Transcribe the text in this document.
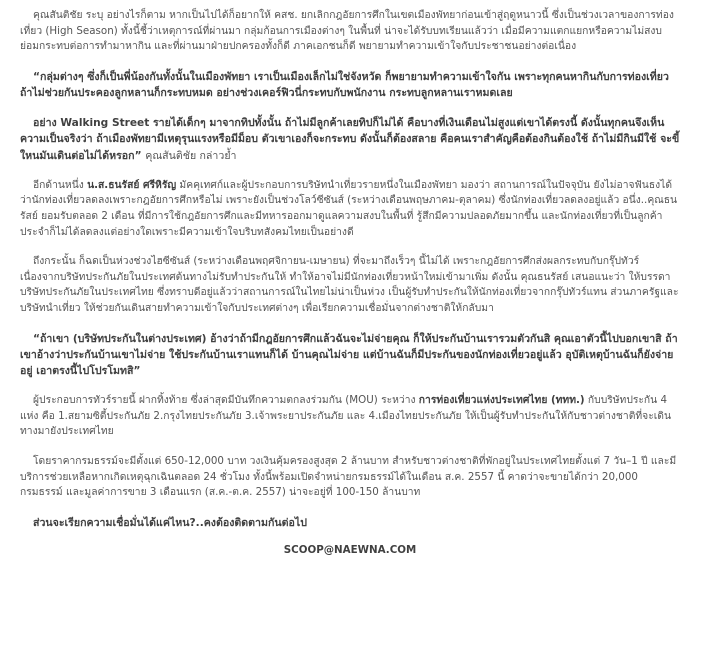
คุณสันติชัย ระบุ อย่างไรก็ตาม หากเป็นไปได้ก็อยากให้ คสช. ยกเลิกกฎอัยการศึกในเขตเมืองพัทยาก่อนเข้าสู่ฤดูหนาวนี้ ซึ่งเป็นช่วงเวลาของการท่องเที่ยว (High Season) ทั้งนี้ชี้ว่าเหตุการณ์ที่ผ่านมา กลุ่มก้อนการเมืองต่างๆ ในพื้นที่ น่าจะได้รับบทเรียนแล้วว่า เมื่อมีความแตกแยกหรือความไม่สงบย่อมกระทบต่อการทำมาหากิน และที่ผ่านมาฝ่ายปกครองทั้งก็ดี ภาคเอกชนก็ดี พยายามทำความเข้าใจกับประชาชนอย่างต่อเนื่อง

“กลุ่มต่างๆ ซึ่งก็เป็นพี่น้องกันทั้งนั้นในเมืองพัทยา เราเป็นเมืองเล็กไม่ใช่จังหวัด ก็พยายามทำความเข้าใจกัน เพราะทุกคนหากินกับการท่องเที่ยว ถ้าไม่ช่วยกันประคองลูกหลานก็กระทบหมด อย่างช่วงเคอร์ฟิวนี่กระทบกับพนักงาน กระทบลูกหลานเราหมดเลย

อย่าง Walking Street รายได้เด็กๆ มาจากทิปทั้งนั้น ถ้าไม่มีลูกค้าเลยทิปก็ไม่ได้ คือบางที่เงินเดือนไม่สูงแต่เขาได้ตรงนี้ ดังนั้นทุกคนจึงเห็นความเป็นจริงว่า ถ้าเมืองพัทยามีเหตุรุนแรงหรือมีม็อบ ตัวเขาเองก็จะกระทบ ดังนั้นก็ต้องสลาย คือคนเราสำคัญคือต้องกินต้องใช้ ถ้าไม่มีกินมีใช้ จะขี้ใหนมันเดินต่อไม่ได้หรอก” คุณสันติชัย กล่าวย้ำ

อีกด้านหนึ่ง น.ส.ธนรัสย์ ศรีหิรัญ มัคคุเทศก์และผู้ประกอบการบริษัทนำเที่ยวรายหนึ่งในเมืองพัทยา มองว่า สถานการณ์ในปัจจุบัน ยังไม่อาจฟันธงได้ว่านักท่องเที่ยวลดลงเพราะกฎอัยการศึกหรือไม่ เพราะยังเป็นช่วงโลว์ซีซันส์ (ระหว่างเดือนพฤษภาคม-ตุลาคม) ซึ่งนักท่องเที่ยวลดลงอยู่แล้ว อนึ่ง..คุณธนรัสย์ ยอมรับตลอด 2 เดือน ที่มีการใช้กฎอัยการศึกและมีทหารออกมาดูแลความสงบในพื้นที่ รู้สึกมีความปลอดภัยมากขึ้น และนักท่องเที่ยวที่เป็นลูกค้าประจำก็ไม่ได้ลดลงแต่อย่างใดเพราะมีความเข้าใจบริบทสังคมไทยเป็นอย่างดี

ถึงกระนั้น ก็ฉดเป็นห่วงช่วงไฮซีซันส์ (ระหว่างเดือนพฤศจิกายน-เมษายน) ที่จะมาถึงเร็วๆ นี้ไม่ได้ เพราะกฎอัยการศึกส่งผลกระทบกับกรุ๊ปทัวร์ เนื่องจากบริษัทประกันภัยในประเทศต้นทางไม่รับทำประกันให้ ทำให้อาจไม่มีนักท่องเที่ยวหน้าใหม่เข้ามาเพิ่ม ดังนั้น คุณธนรัสย์ เสนอแนะว่า ให้บรรดาบริษัทประกันภัยในประเทศไทย ซึ่งทราบดีอยู่แล้วว่าสถานการณ์ในไทยไม่น่าเป็นห่วง เป็นผู้รับทำประกันให้นักท่องเที่ยวจากกรุ๊ปทัวร์แทน ส่วนภาครัฐและบริษัทนำเที่ยว ให้ช่วยกันเดินสายทำความเข้าใจกับประเทศต่างๆ เพื่อเรียกความเชื่อมั่นจากต่างชาติให้กลับมา

“ถ้าเขา (บริษัทประกันในต่างประเทศ) อ้างว่าถ้ามีกฎอัยการศึกแล้วฉันจะไม่จ่ายคุณ ก็ให้ประกันบ้านเรารวมตัวกันสิ คุณเอาตัวนี้ไปบอกเขาสิ ถ้าเขาอ้างว่าประกันบ้านเขาไม่จ่าย ใช้ประกันบ้านเราแทนก็ได้ บ้านคุณไม่จ่าย แต่บ้านฉันก็มีประกันของนักท่องเที่ยวอยู่แล้ว อุบัติเหตุบ้านฉันก็ยังจ่ายอยู่ เอาตรงนี้ไปโปรโมทสิ”

ผู้ประกอบการทัวร์รายนี้ ฝากทิ้งท้าย ซึ่งล่าสุดมีบันทึกความตกลงร่วมกัน (MOU) ระหว่าง การท่องเที่ยวแห่งประเทศไทย (ททท.) กับบริษัทประกัน 4 แห่ง คือ 1.สยามซิตี้ประกันภัย 2.กรุงไทยประกันภัย 3.เจ้าพระยาประกันภัย และ 4.เมืองไทยประกันภัย ให้เป็นผู้รับทำประกันให้กับชาวต่างชาติที่จะเดินทางมายังประเทศไทย

โดยราคากรมธรรม์จะมีตั้งแต่ 650-12,000 บาท วงเงินคุ้มครองสูงสุด 2 ล้านบาท สำหรับชาวต่างชาติที่พักอยู่ในประเทศไทยตั้งแต่ 7 วัน–1 ปี และมีบริการช่วยเหลือหากเกิดเหตุฉุกเฉินตลอด 24 ชั่วโมง ทั้งนี้พร้อมเปิดจำหน่ายกรมธรรม์ได้ในเดือน ส.ค. 2557 นี้ คาดว่าจะขายได้กว่า 20,000 กรมธรรม์ และมูลค่าการขาย 3 เดือนแรก (ส.ค.-ต.ค. 2557) น่าจะอยู่ที่ 100-150 ล้านบาท

ส่วนจะเรียกความเชื่อมั่นได้แค่ไหน?..คงต้องติดตามกันต่อไป

SCOOP@NAEWNA.COM
